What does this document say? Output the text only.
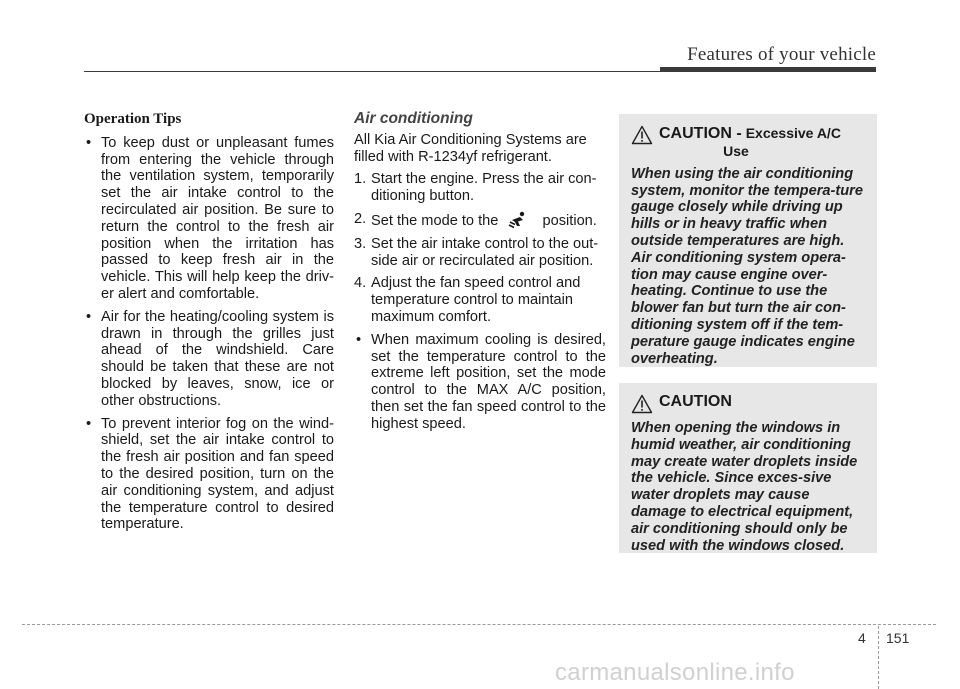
Features of your vehicle
Operation Tips
• To keep dust or unpleasant fumes from entering the vehicle through the ventilation system, temporarily set the air intake control to the recirculated air position. Be sure to return the control to the fresh air position when the irritation has passed to keep fresh air in the vehicle. This will help keep the driv-er alert and comfortable.
• Air for the heating/cooling system is drawn in through the grilles just ahead of the windshield. Care should be taken that these are not blocked by leaves, snow, ice or other obstructions.
• To prevent interior fog on the wind-shield, set the air intake control to the fresh air position and fan speed to the desired position, turn on the air conditioning system, and adjust the temperature control to desired temperature.
Air conditioning
All Kia Air Conditioning Systems are filled with R-1234yf refrigerant.
1. Start the engine. Press the air con-ditioning button.
2. Set the mode to the	position.
3. Set the air intake control to the out-side air or recirculated air position.
4. Adjust the fan speed control and temperature control to maintain maximum comfort.
• When maximum cooling is desired, set the temperature control to the extreme left position, set the mode control to the MAX A/C position, then set the fan speed control to the highest speed.
CAUTION - Excessive A/C
Use
When using the air conditioning system, monitor the tempera-ture gauge closely while driving up hills or in heavy traffic when outside temperatures are high. Air conditioning system opera-tion may cause engine over-heating. Continue to use the blower fan but turn the air con-ditioning system off if the tem-perature gauge indicates engine overheating.
CAUTION
When opening the windows in humid weather, air conditioning may create water droplets inside the vehicle. Since exces-sive water droplets may cause damage to electrical equipment, air conditioning should only be used with the windows closed.
4 151
carmanualsonline.info
